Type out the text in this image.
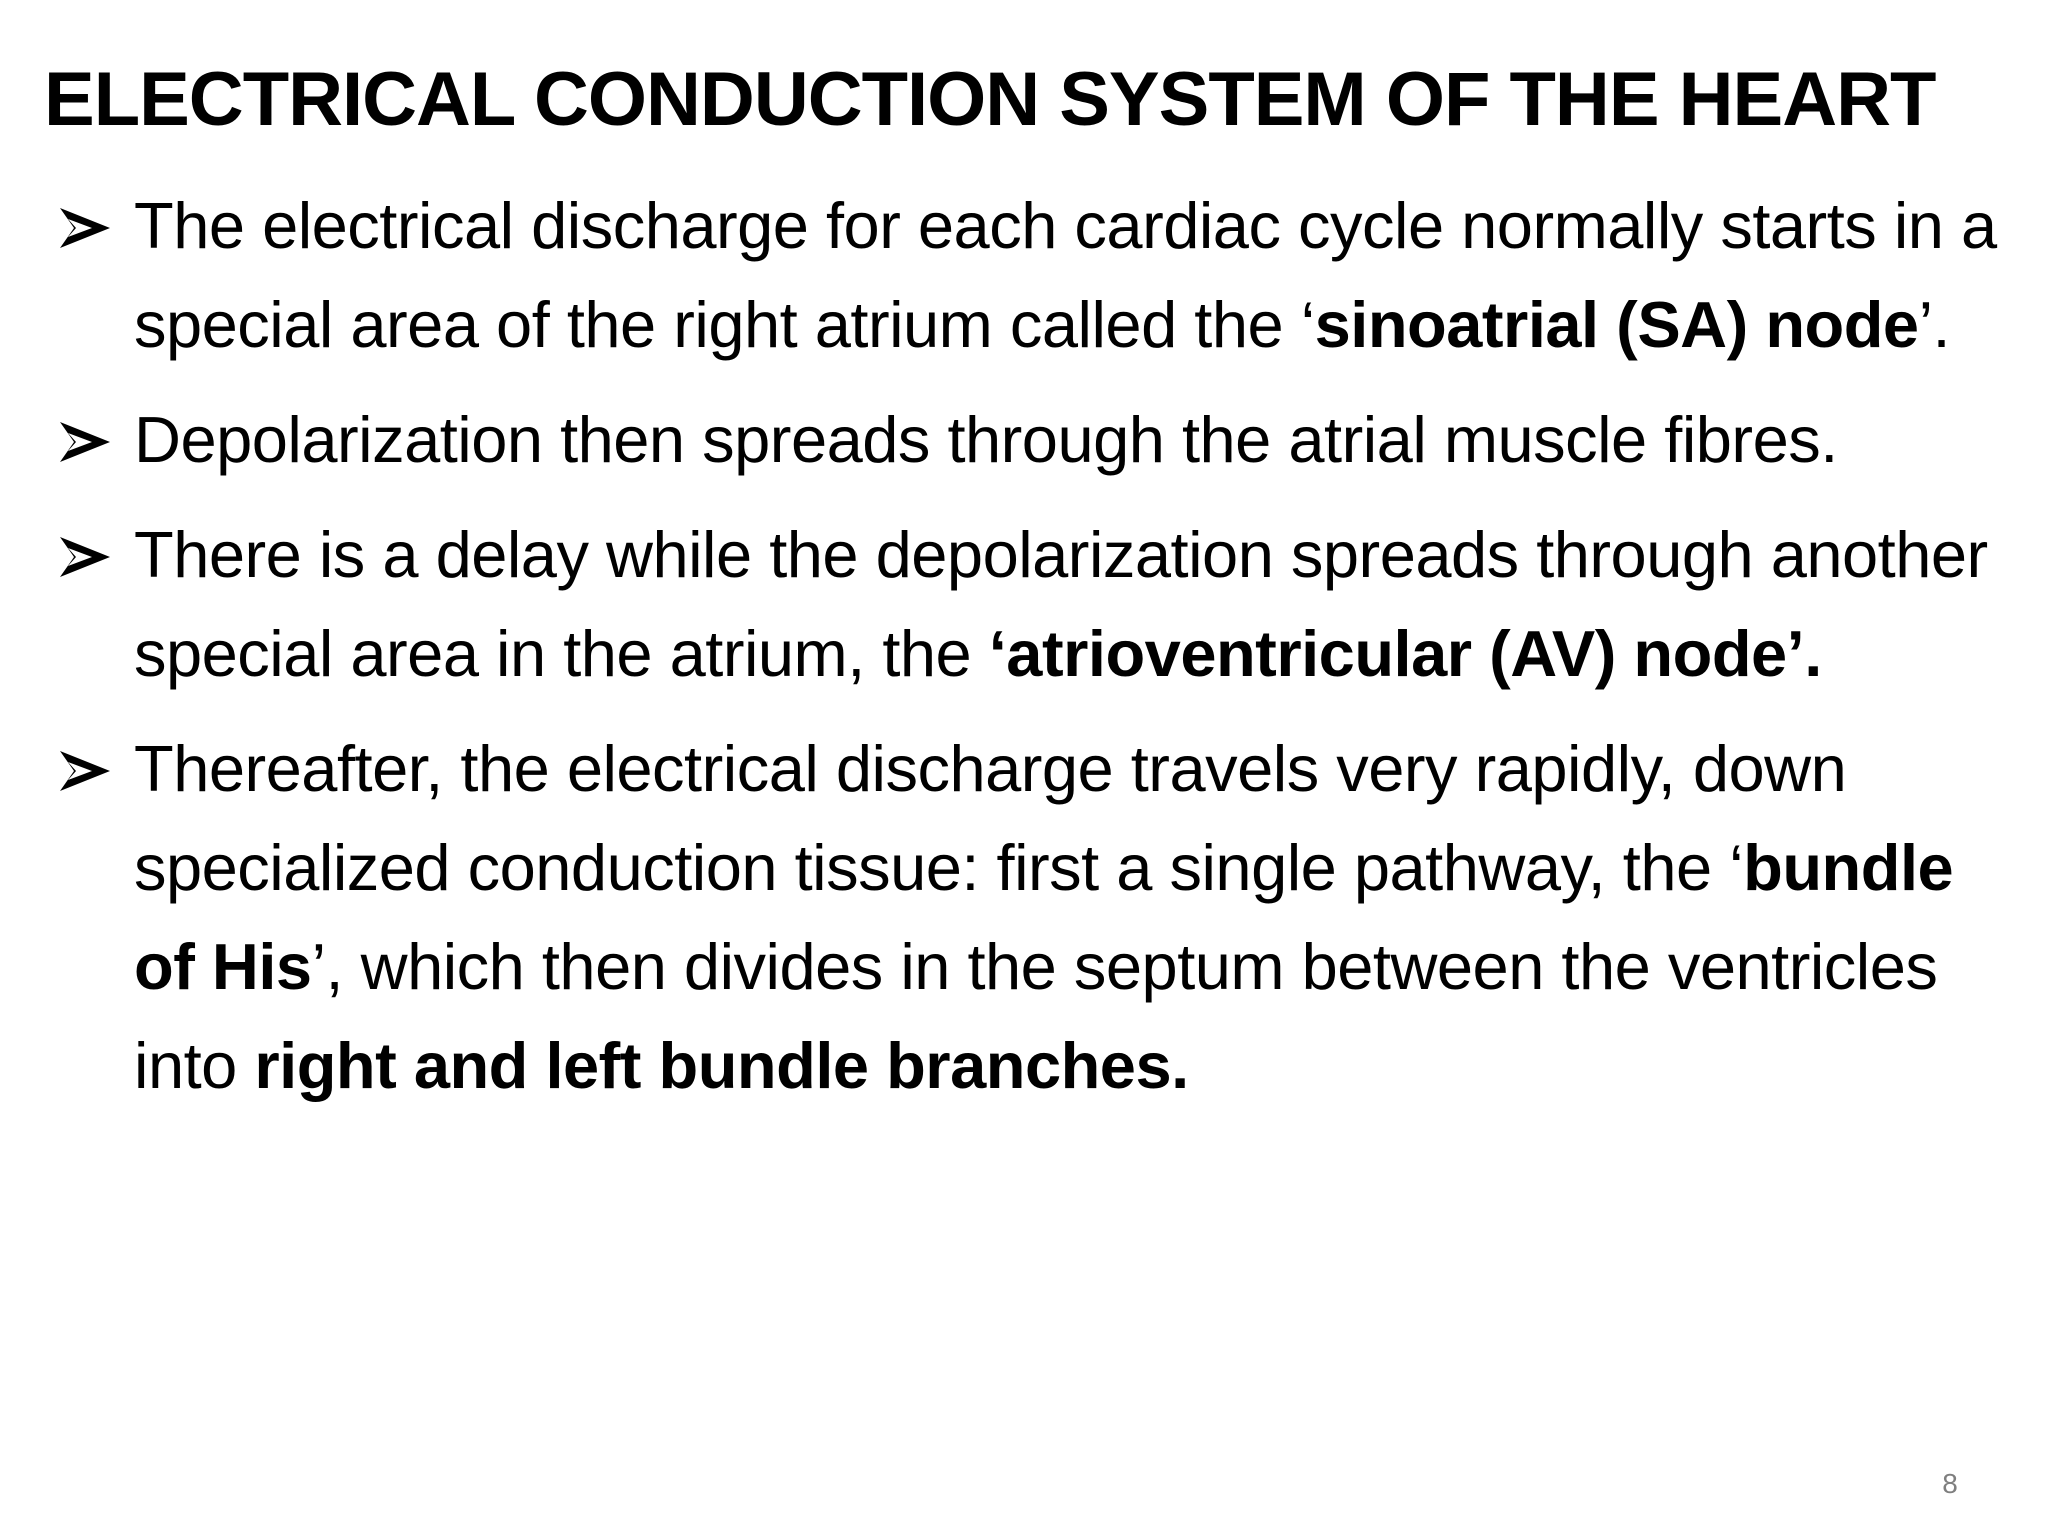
ELECTRICAL CONDUCTION SYSTEM OF THE HEART
The electrical discharge for each cardiac cycle normally starts in a special area of the right atrium called the ‘sinoatrial (SA) node’.
Depolarization then spreads through the atrial muscle fibres.
There is a delay while the depolarization spreads through another special area in the atrium, the ‘atrioventricular (AV) node’.
Thereafter, the electrical discharge travels very rapidly, down specialized conduction tissue: first a single pathway, the ‘bundle of His’, which then divides in the septum between the ventricles into right and left bundle branches.
8
